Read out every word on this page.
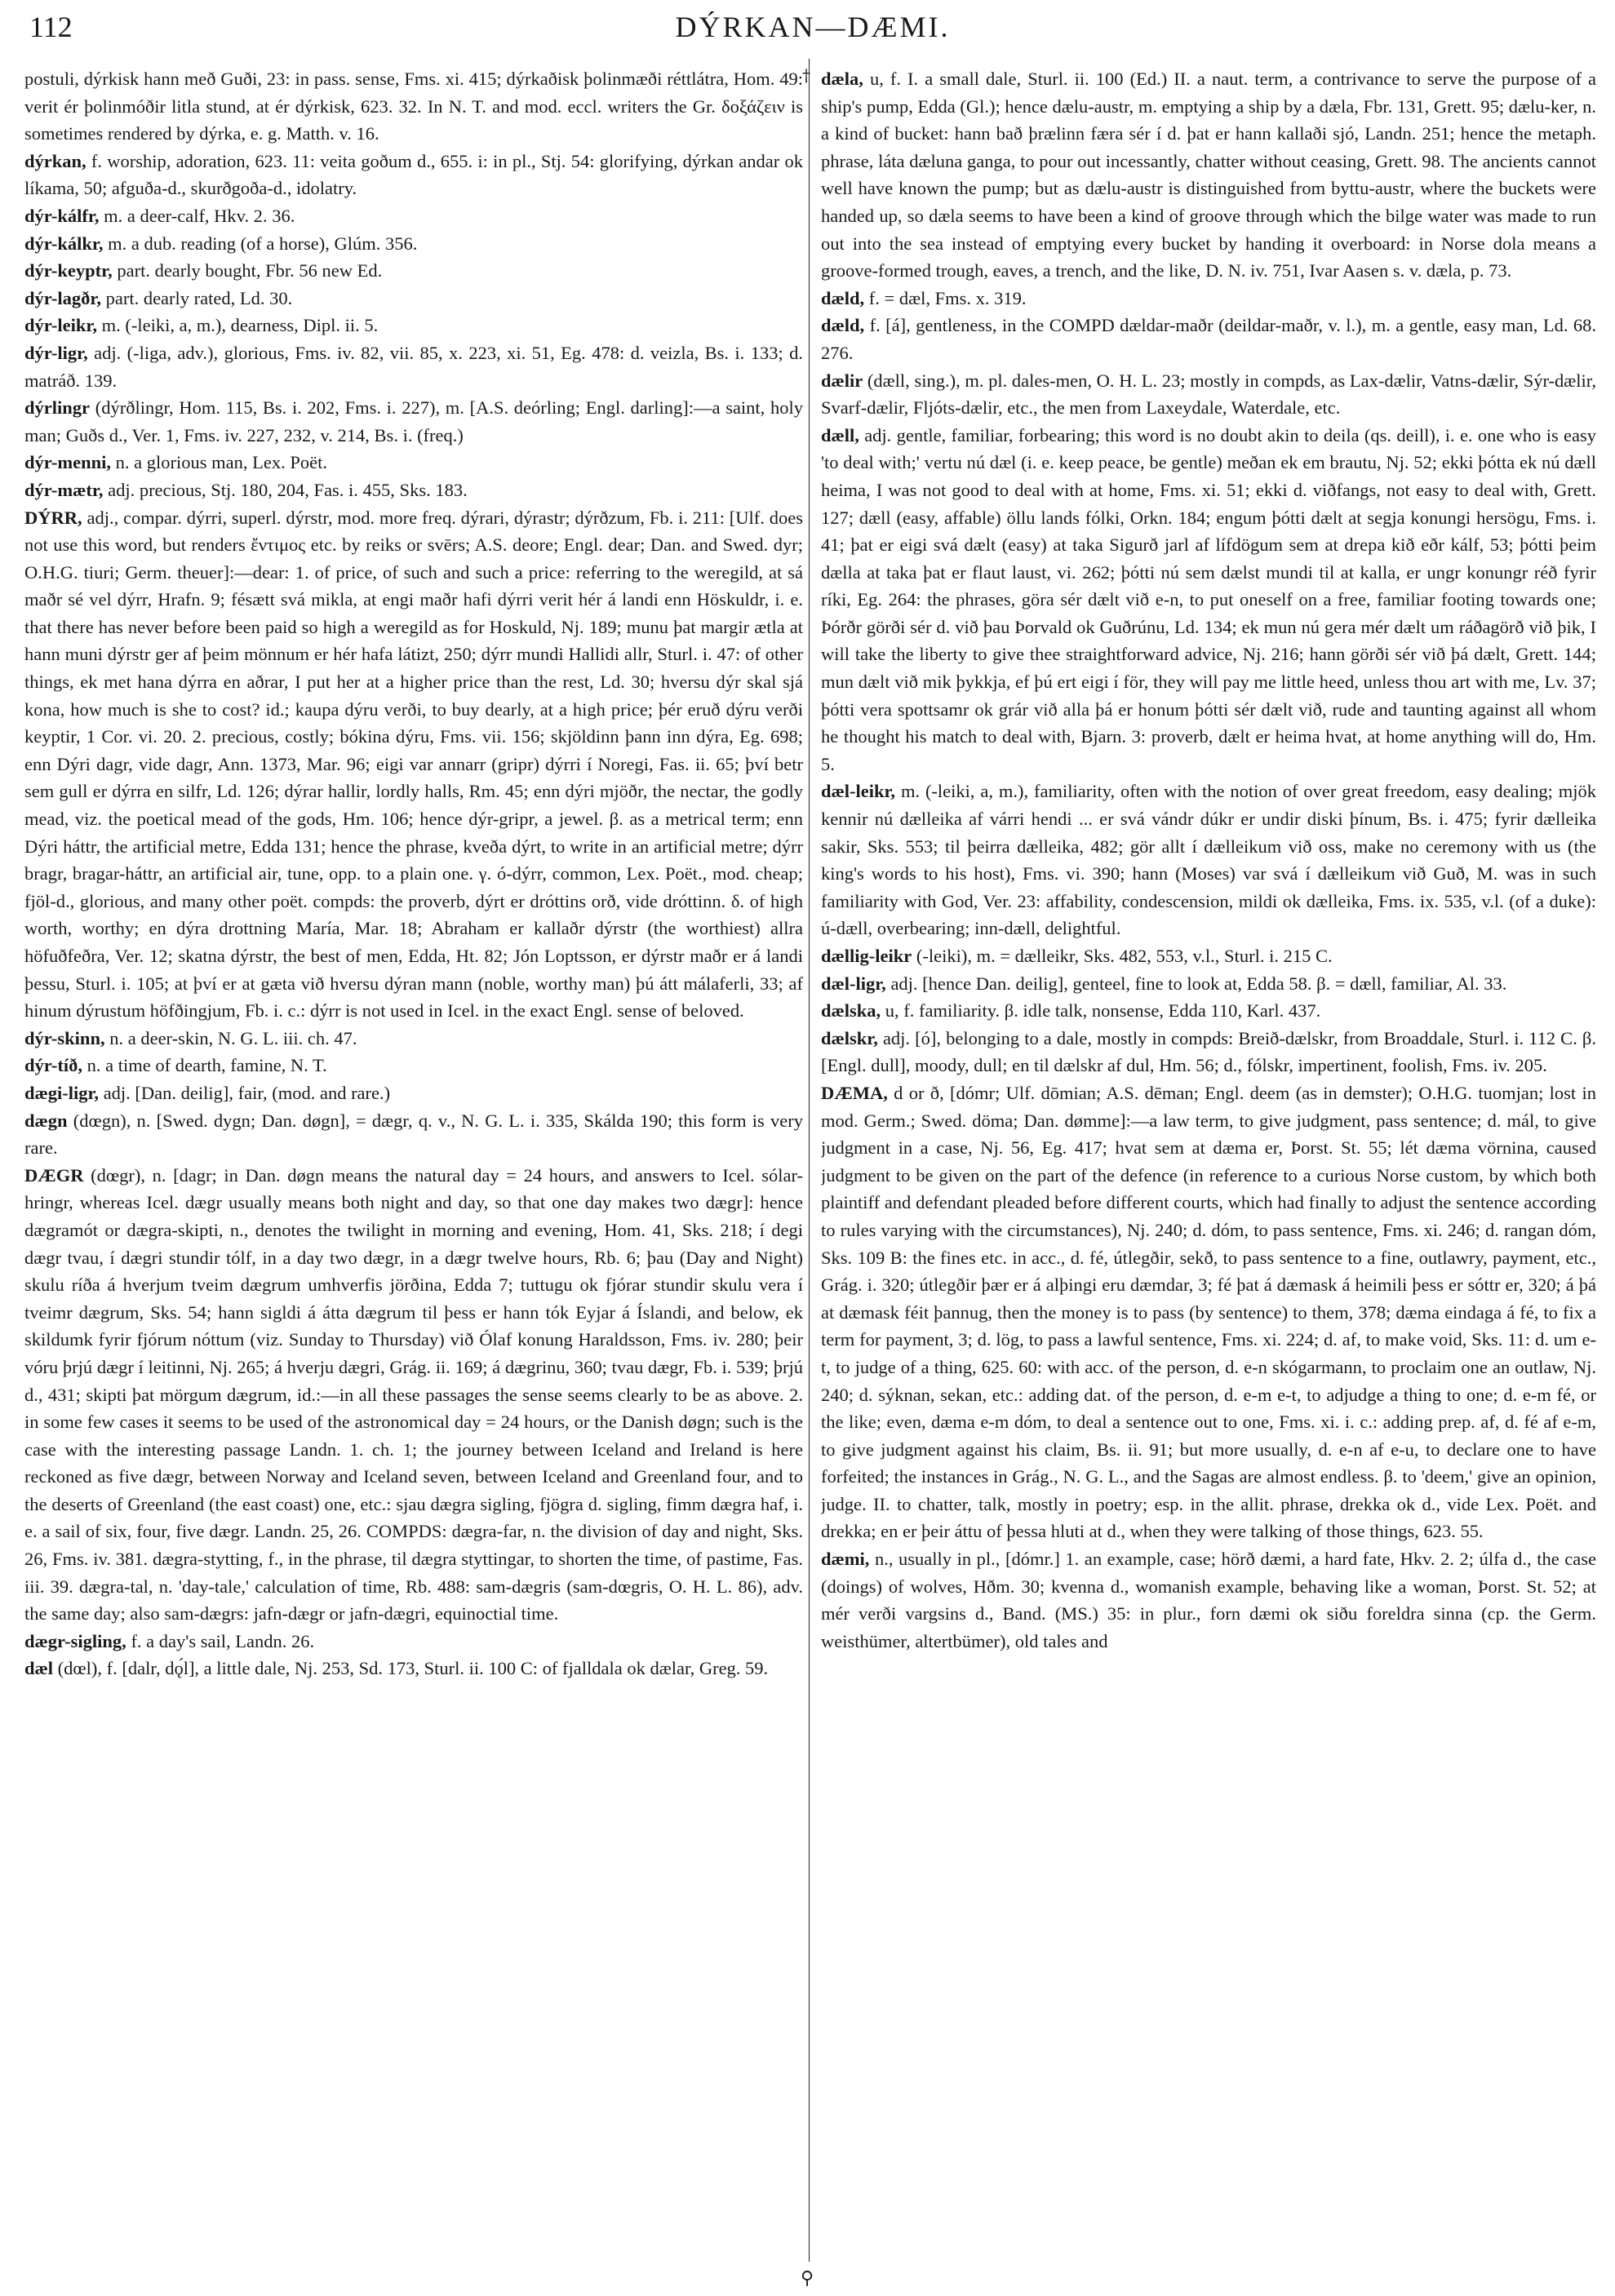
112	DÝRKAN—DÆMI.

postuli, dýrkisk hann með Guði, 23: in pass. sense, Fms. xi. 415; dýrkaðisk þolinmæði réttlátra, Hom. 49: verit ér þolinmóðir litla stund, at ér dýrkisk, 623. 32. In N. T. and mod. eccl. writers the Gr. δοξάζειν is sometimes rendered by dýrka, e. g. Matth. v. 16.

dýrkan, f. worship, adoration, 623. 11: veita goðum d., 655. i: in pl., Stj. 54: glorifying, dýrkan andar ok líkama, 50; afguða-d., skurðgoða-d., idolatry.

dýr-kálfr, m. a deer-calf, Hkv. 2. 36.

dýr-kálkr, m. a dub. reading (of a horse), Glúm. 356.

dýr-keyptr, part. dearly bought, Fbr. 56 new Ed.

dýr-lagðr, part. dearly rated, Ld. 30.

dýr-leikr, m. (-leiki, a, m.), dearness, Dipl. ii. 5.

dýr-ligr, adj. (-liga, adv.), glorious, Fms. iv. 82, vii. 85, x. 223, xi. 51, Eg. 478: d. veizla, Bs. i. 133; d. matráð. 139.

dýrlingr (dýrðlingr, Hom. 115, Bs. i. 202, Fms. i. 227), m. [A.S. deórling; Engl. darling]:—a saint, holy man; Guðs d., Ver. 1, Fms. iv. 227, 232, v. 214, Bs. i. (freq.)

dýr-menni, n. a glorious man, Lex. Poët.

dýr-mætr, adj. precious, Stj. 180, 204, Fas. i. 455, Sks. 183.

DÝRR, adj., compar. dýrri, superl. dýrstr, mod. more freq. dýrari, dýrastr; dýrðzum, Fb. i. 211: [Ulf. does not use this word, but renders ἔντιμος etc. by reiks or svērs; A.S. deore; Engl. dear; Dan. and Swed. dyr; O.H.G. tiuri; Germ. theuer]:—dear: 1. of price, of such and such a price: referring to the weregild, at sá maðr sé vel dýrr, Hrafn. 9; fésætt svá mikla, at engi maðr hafi dýrri verit hér á landi enn Höskuldr, i. e. that there has never before been paid so high a weregild as for Hoskuld, Nj. 189; munu þat margir ætla at hann muni dýrstr ger af þeim mönnum er hér hafa látizt, 250; dýrr mundi Hallidi allr, Sturl. i. 47: of other things, ek met hana dýrra en aðrar, I put her at a higher price than the rest, Ld. 30; hversu dýr skal sjá kona, how much is she to cost? id.; kaupa dýru verði, to buy dearly, at a high price; þér eruð dýru verði keyptir, 1 Cor. vi. 20. 2. precious, costly; bókina dýru, Fms. vii. 156; skjöldinn þann inn dýra, Eg. 698; enn Dýri dagr, vide dagr, Ann. 1373, Mar. 96; eigi var annarr (gripr) dýrri í Noregi, Fas. ii. 65; því betr sem gull er dýrra en silfr, Ld. 126; dýrar hallir, lordly halls, Rm. 45; enn dýri mjöðr, the nectar, the godly mead, viz. the poetical mead of the gods, Hm. 106; hence dýr-gripr, a jewel. β. as a metrical term; enn Dýri háttr, the artificial metre, Edda 131; hence the phrase, kveða dýrt, to write in an artificial metre; dýrr bragr, bragar-háttr, an artificial air, tune, opp. to a plain one. γ. ó-dýrr, common, Lex. Poët., mod. cheap; fjöl-d., glorious, and many other poët. compds: the proverb, dýrt er dróttins orð, vide dróttinn. δ. of high worth, worthy; en dýra drottning María, Mar. 18; Abraham er kallaðr dýrstr (the worthiest) allra höfuðfeðra, Ver. 12; skatna dýrstr, the best of men, Edda, Ht. 82; Jón Loptsson, er dýrstr maðr er á landi þessu, Sturl. i. 105; at því er at gæta við hversu dýran mann (noble, worthy man) þú átt málaferli, 33; af hinum dýrustum höfðingjum, Fb. i. c.: dýrr is not used in Icel. in the exact Engl. sense of beloved.

dýr-skinn, n. a deer-skin, N. G. L. iii. ch. 47.

dýr-tíð, n. a time of dearth, famine, N. T.

dægi-ligr, adj. [Dan. deilig], fair, (mod. and rare.)

dægn (dœgn), n. [Swed. dygn; Dan. døgn], = dægr, q. v., N. G. L. i. 335, Skálda 190; this form is very rare.

DÆGR (dœgr), n. [dagr; in Dan. døgn means the natural day = 24 hours, and answers to Icel. sólar-hringr, whereas Icel. dægr usually means both night and day, so that one day makes two dægr]: hence dægramót or dægra-skipti, n., denotes the twilight in morning and evening, Hom. 41, Sks. 218; í degi dægr tvau, í dægri stundir tólf, in a day two dægr, in a dægr twelve hours, Rb. 6; þau (Day and Night) skulu ríða á hverjum tveim dægrum umhverfis jörðina, Edda 7; tuttugu ok fjórar stundir skulu vera í tveimr dægrum, Sks. 54; hann sigldi á átta dægrum til þess er hann tók Eyjar á Íslandi, and below, ek skildumk fyrir fjórum nóttum (viz. Sunday to Thursday) við Ólaf konung Haraldsson, Fms. iv. 280; þeir vóru þrjú dægr í leitinni, Nj. 265; á hverju dægri, Grág. ii. 169; á dægrinu, 360; tvau dægr, Fb. i. 539; þrjú d., 431; skipti þat mörgum dægrum, id.:—in all these passages the sense seems clearly to be as above. 2. in some few cases it seems to be used of the astronomical day = 24 hours, or the Danish døgn; such is the case with the interesting passage Landn. 1. ch. 1; the journey between Iceland and Ireland is here reckoned as five dægr, between Norway and Iceland seven, between Iceland and Greenland four, and to the deserts of Greenland (the east coast) one, etc.: sjau dægra sigling, fjögra d. sigling, fimm dægra haf, i. e. a sail of six, four, five dægr. Landn. 25, 26. COMPDS: dægra-far, n. the division of day and night, Sks. 26, Fms. iv. 381. dægra-stytting, f., in the phrase, til dægra styttingar, to shorten the time, of pastime, Fas. iii. 39. dægra-tal, n. 'day-tale,' calculation of time, Rb. 488: sam-dægris (sam-dœgris, O. H. L. 86), adv. the same day; also sam-dægrs: jafn-dægr or jafn-dægri, equinoctial time.

dægr-sigling, f. a day's sail, Landn. 26.

dæl (dœl), f. [dalr, dǫ́l], a little dale, Nj. 253, Sd. 173, Sturl. ii. 100 C: of fjalldala ok dælar, Greg. 59.

†
⚲

dæla, u, f. I. a small dale, Sturl. ii. 100 (Ed.) II. a naut. term, a contrivance to serve the purpose of a ship's pump, Edda (Gl.); hence dælu-austr, m. emptying a ship by a dæla, Fbr. 131, Grett. 95; dælu-ker, n. a kind of bucket: hann bað þrælinn færa sér í d. þat er hann kallaði sjó, Landn. 251; hence the metaph. phrase, láta dæluna ganga, to pour out incessantly, chatter without ceasing, Grett. 98. The ancients cannot well have known the pump; but as dælu-austr is distinguished from byttu-austr, where the buckets were handed up, so dæla seems to have been a kind of groove through which the bilge water was made to run out into the sea instead of emptying every bucket by handing it overboard: in Norse dola means a groove-formed trough, eaves, a trench, and the like, D. N. iv. 751, Ivar Aasen s. v. dæla, p. 73.

dæld, f. = dæl, Fms. x. 319.

dæld, f. [á], gentleness, in the COMPD dældar-maðr (deildar-maðr, v. l.), m. a gentle, easy man, Ld. 68. 276.

dælir (dæll, sing.), m. pl. dales-men, O. H. L. 23; mostly in compds, as Lax-dælir, Vatns-dælir, Sýr-dælir, Svarf-dælir, Fljóts-dælir, etc., the men from Laxeydale, Waterdale, etc.

dæll, adj. gentle, familiar, forbearing; this word is no doubt akin to deila (qs. deill), i. e. one who is easy 'to deal with;' vertu nú dæl (i. e. keep peace, be gentle) meðan ek em brautu, Nj. 52; ekki þótta ek nú dæll heima, I was not good to deal with at home, Fms. xi. 51; ekki d. viðfangs, not easy to deal with, Grett. 127; dæll (easy, affable) öllu lands fólki, Orkn. 184; engum þótti dælt at segja konungi hersögu, Fms. i. 41; þat er eigi svá dælt (easy) at taka Sigurð jarl af lífdögum sem at drepa kið eðr kálf, 53; þótti þeim dælla at taka þat er flaut laust, vi. 262; þótti nú sem dælst mundi til at kalla, er ungr konungr réð fyrir ríki, Eg. 264: the phrases, göra sér dælt við e-n, to put oneself on a free, familiar footing towards one; Þórðr görði sér d. við þau Þorvald ok Guðrúnu, Ld. 134; ek mun nú gera mér dælt um ráðagörð við þik, I will take the liberty to give thee straightforward advice, Nj. 216; hann görði sér við þá dælt, Grett. 144; mun dælt við mik þykkja, ef þú ert eigi í för, they will pay me little heed, unless thou art with me, Lv. 37; þótti vera spottsamr ok grár við alla þá er honum þótti sér dælt við, rude and taunting against all whom he thought his match to deal with, Bjarn. 3: proverb, dælt er heima hvat, at home anything will do, Hm. 5.

dæl-leikr, m. (-leiki, a, m.), familiarity, often with the notion of over great freedom, easy dealing; mjök kennir nú dælleika af várri hendi ... er svá vándr dúkr er undir diski þínum, Bs. i. 475; fyrir dælleika sakir, Sks. 553; til þeirra dælleika, 482; gör allt í dælleikum við oss, make no ceremony with us (the king's words to his host), Fms. vi. 390; hann (Moses) var svá í dælleikum við Guð, M. was in such familiarity with God, Ver. 23: affability, condescension, mildi ok dælleika, Fms. ix. 535, v.l. (of a duke): ú-dæll, overbearing; inn-dæll, delightful.

dællig-leikr (-leiki), m. = dælleikr, Sks. 482, 553, v.l., Sturl. i. 215 C.

dæl-ligr, adj. [hence Dan. deilig], genteel, fine to look at, Edda 58. β. = dæll, familiar, Al. 33.

dælska, u, f. familiarity. β. idle talk, nonsense, Edda 110, Karl. 437.

dælskr, adj. [ó], belonging to a dale, mostly in compds: Breið-dælskr, from Broaddale, Sturl. i. 112 C. β. [Engl. dull], moody, dull; en til dælskr af dul, Hm. 56; d., fólskr, impertinent, foolish, Fms. iv. 205.

DÆMA, d or ð, [dómr; Ulf. dōmian; A.S. dēman; Engl. deem (as in demster); O.H.G. tuomjan; lost in mod. Germ.; Swed. döma; Dan. dømme]:—a law term, to give judgment, pass sentence; d. mál, to give judgment in a case, Nj. 56, Eg. 417; hvat sem at dæma er, Þorst. St. 55; lét dæma vörnina, caused judgment to be given on the part of the defence (in reference to a curious Norse custom, by which both plaintiff and defendant pleaded before different courts, which had finally to adjust the sentence according to rules varying with the circumstances), Nj. 240; d. dóm, to pass sentence, Fms. xi. 246; d. rangan dóm, Sks. 109 B: the fines etc. in acc., d. fé, útlegðir, sekð, to pass sentence to a fine, outlawry, payment, etc., Grág. i. 320; útlegðir þær er á alþingi eru dæmdar, 3; fé þat á dæmask á heimili þess er sóttr er, 320; á þá at dæmask féit þannug, then the money is to pass (by sentence) to them, 378; dæma eindaga á fé, to fix a term for payment, 3; d. lög, to pass a lawful sentence, Fms. xi. 224; d. af, to make void, Sks. 11: d. um e-t, to judge of a thing, 625. 60: with acc. of the person, d. e-n skógarmann, to proclaim one an outlaw, Nj. 240; d. sýknan, sekan, etc.: adding dat. of the person, d. e-m e-t, to adjudge a thing to one; d. e-m fé, or the like; even, dæma e-m dóm, to deal a sentence out to one, Fms. xi. i. c.: adding prep. af, d. fé af e-m, to give judgment against his claim, Bs. ii. 91; but more usually, d. e-n af e-u, to declare one to have forfeited; the instances in Grág., N. G. L., and the Sagas are almost endless. β. to 'deem,' give an opinion, judge. II. to chatter, talk, mostly in poetry; esp. in the allit. phrase, drekka ok d., vide Lex. Poët. and drekka; en er þeir áttu of þessa hluti at d., when they were talking of those things, 623. 55.

dæmi, n., usually in pl., [dómr.] 1. an example, case; hörð dæmi, a hard fate, Hkv. 2. 2; úlfa d., the case (doings) of wolves, Hðm. 30; kvenna d., womanish example, behaving like a woman, Þorst. St. 52; at mér verði vargsins d., Band. (MS.) 35: in plur., forn dæmi ok siðu foreldra sinna (cp. the Germ. weisthümer, altertbümer), old tales and
